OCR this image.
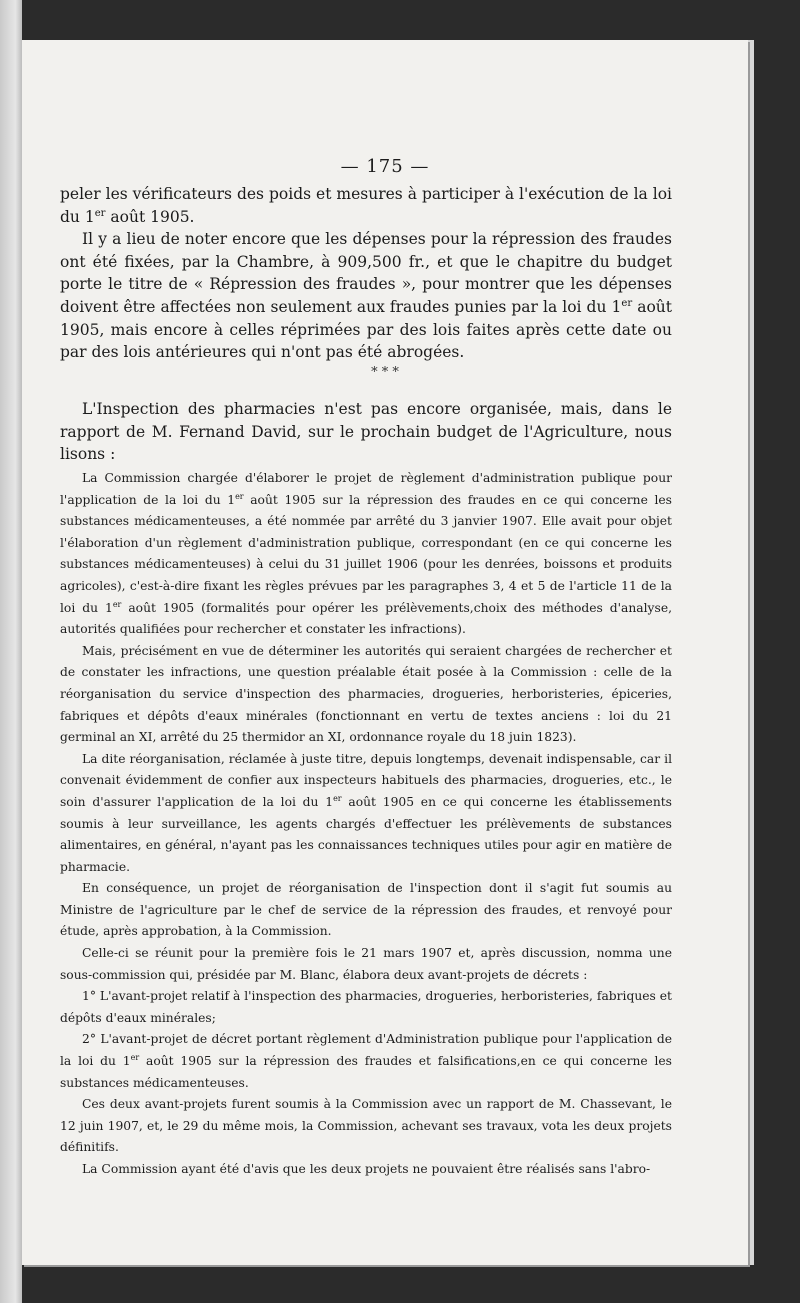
— 175 —

peler les vérificateurs des poids et mesures à participer à l'exécution de la loi du 1er août 1905.

Il y a lieu de noter encore que les dépenses pour la répression des fraudes ont été fixées, par la Chambre, à 909,500 fr., et que le chapitre du budget porte le titre de « Répression des fraudes », pour montrer que les dépenses doivent être affectées non seulement aux fraudes punies par la loi du 1er août 1905, mais encore à celles réprimées par des lois faites après cette date ou par des lois antérieures qui n'ont pas été abrogées.

* * *

L'Inspection des pharmacies n'est pas encore organisée, mais, dans le rapport de M. Fernand David, sur le prochain budget de l'Agriculture, nous lisons :

La Commission chargée d'élaborer le projet de règlement d'administration publique pour l'application de la loi du 1er août 1905 sur la répression des fraudes en ce qui concerne les substances médicamenteuses, a été nommée par arrêté du 3 janvier 1907. Elle avait pour objet l'élaboration d'un règlement d'administration publique, correspondant (en ce qui concerne les substances médicamenteuses) à celui du 31 juillet 1906 (pour les denrées, boissons et produits agricoles), c'est-à-dire fixant les règles prévues par les paragraphes 3, 4 et 5 de l'article 11 de la loi du 1er août 1905 (formalités pour opérer les prélèvements,choix des méthodes d'analyse, autorités qualifiées pour rechercher et constater les infractions).

Mais, précisément en vue de déterminer les autorités qui seraient chargées de rechercher et de constater les infractions, une question préalable était posée à la Commission : celle de la réorganisation du service d'inspection des pharmacies, drogueries, herboristeries, épiceries, fabriques et dépôts d'eaux minérales (fonctionnant en vertu de textes anciens : loi du 21 germinal an XI, arrêté du 25 thermidor an XI, ordonnance royale du 18 juin 1823).

La dite réorganisation, réclamée à juste titre, depuis longtemps, devenait indispensable, car il convenait évidemment de confier aux inspecteurs habituels des pharmacies, drogueries, etc., le soin d'assurer l'application de la loi du 1er août 1905 en ce qui concerne les établissements soumis à leur surveillance, les agents chargés d'effectuer les prélèvements de substances alimentaires, en général, n'ayant pas les connaissances techniques utiles pour agir en matière de pharmacie.

En conséquence, un projet de réorganisation de l'inspection dont il s'agit fut soumis au Ministre de l'agriculture par le chef de service de la répression des fraudes, et renvoyé pour étude, après approbation, à la Commission.

Celle-ci se réunit pour la première fois le 21 mars 1907 et, après discussion, nomma une sous-commission qui, présidée par M. Blanc, élabora deux avant-projets de décrets :

1° L'avant-projet relatif à l'inspection des pharmacies, drogueries, herboristeries, fabriques et dépôts d'eaux minérales;

2° L'avant-projet de décret portant règlement d'Administration publique pour l'application de la loi du 1er août 1905 sur la répression des fraudes et falsifications,en ce qui concerne les substances médicamenteuses.

Ces deux avant-projets furent soumis à la Commission avec un rapport de M. Chassevant, le 12 juin 1907, et, le 29 du même mois, la Commission, achevant ses travaux, vota les deux projets définitifs.

La Commission ayant été d'avis que les deux projets ne pouvaient être réalisés sans l'abro-
